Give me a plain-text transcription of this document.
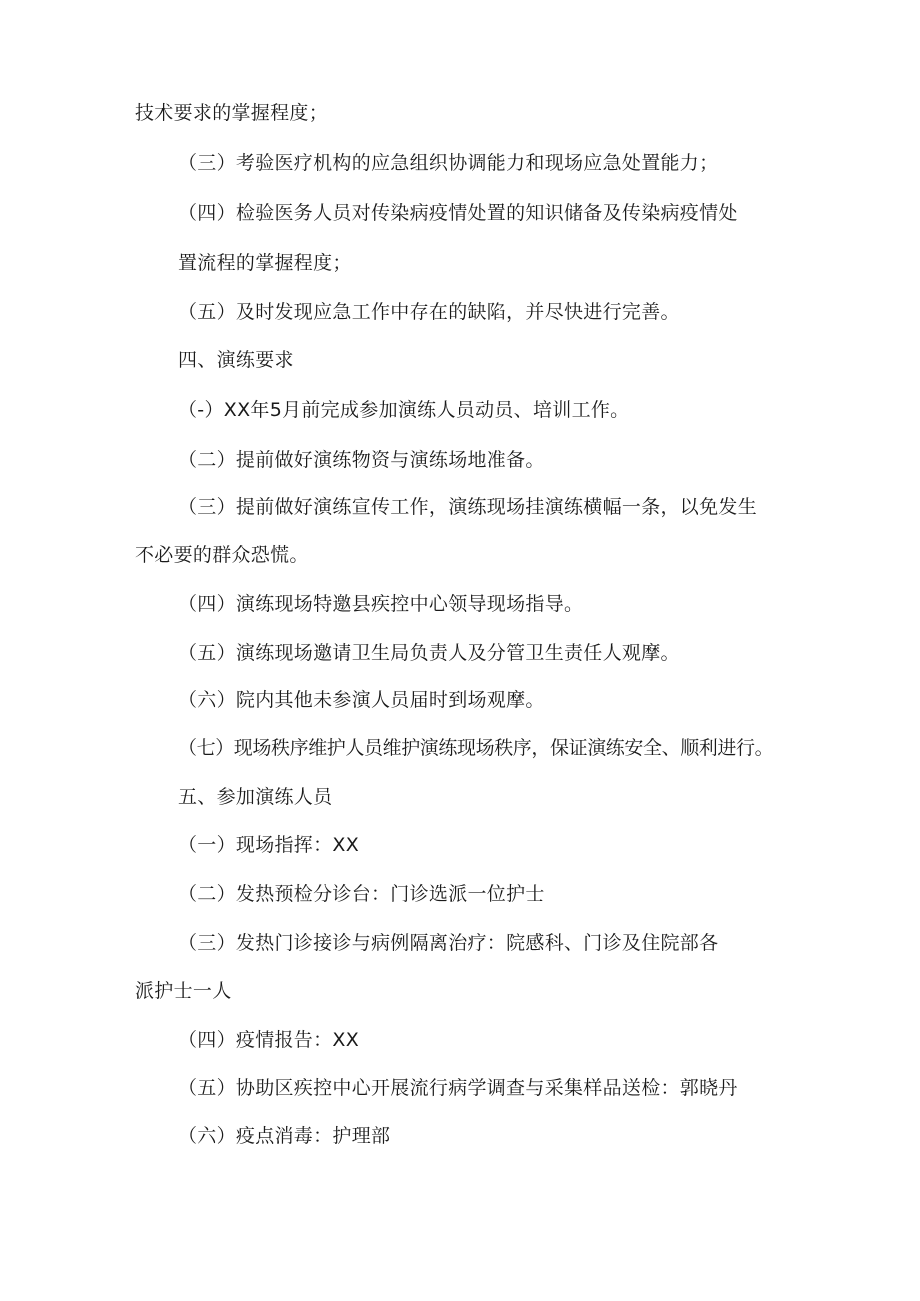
技术要求的掌握程度；
（三）考验医疗机构的应急组织协调能力和现场应急处置能力；
（四）检验医务人员对传染病疫情处置的知识储备及传染病疫情处
置流程的掌握程度；
（五）及时发现应急工作中存在的缺陷，并尽快进行完善。
四、演练要求
（-）XX年5月前完成参加演练人员动员、培训工作。
（二）提前做好演练物资与演练场地准备。
（三）提前做好演练宣传工作，演练现场挂演练横幅一条，以免发生
不必要的群众恐慌。
（四）演练现场特邀县疾控中心领导现场指导。
（五）演练现场邀请卫生局负责人及分管卫生责任人观摩。
（六）院内其他未参演人员届时到场观摩。
（七）现场秩序维护人员维护演练现场秩序，保证演练安全、顺利进行。
五、参加演练人员
（一）现场指挥：XX
（二）发热预检分诊台：门诊选派一位护士
（三）发热门诊接诊与病例隔离治疗：院感科、门诊及住院部各
派护士一人
（四）疫情报告：XX
（五）协助区疾控中心开展流行病学调查与采集样品送检：郭晓丹
（六）疫点消毒：护理部
